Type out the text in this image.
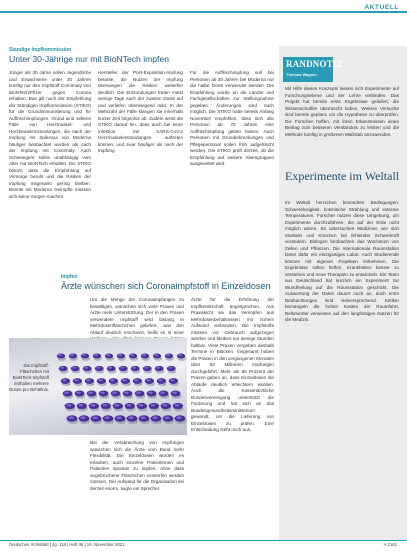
AKTUELL
Standige Impfkommission
Unter 30-Jährige nur mit BioNTech impfen

Jünger als 30 Jahre sollen Jugendliche und Erwachsene unter 30 Jahren künftig nur den Impfstoff Comirnaty von BioNTech/Pfizer gegen Corona erhalten. Das gilt nach der Empfehlung der Ständigen Impfkommission (STIKO) für die Grundimmunisierung und für Auffrischimpfungen. Grund sind seltene Fälle von Herzmuskel- und Herzbeutelentzündungen, die nach der Impfung mit Spikevax von Moderna häufiger beobachtet wurden als nach der Impfung mit Comirnaty. Auch Schwangere sollen unabhängig vom Alter nur BioNTech erhalten. Die STIKO betont, dass die Empfehlung auf Vorsorge beruht und die Risiken der Impfung insgesamt gering bleiben. Bereits mit Moderna Geimpfte müssen sich keine Sorgen machen.

Hersteller der Post-Exposition-Impfung betonte, die Nutzen der Impfung überwiegen die Risiken weiterhin deutlich. Die Entzündungen traten meist wenige Tage nach der zweiten Dosis auf und verliefen überwiegend mild. In der Mehrzahl der Fälle klangen sie innerhalb kurzer Zeit folgenlos ab. Zudem weist die STIKO darauf hin, dass auch bei einer Infektion mit SARS-CoV-2 Herzmuskelentzündungen auftreten können, und zwar häufiger als nach der Impfung.

Für die Auffrischimpfung soll bei Personen ab 30 Jahren bei Moderna nur die halbe Dosis verwendet werden. Die Empfehlung wurde an die Länder und Fachgesellschaften zur Stellungnahme gegeben. Änderungen sind noch möglich. Die STIKO hatte bereits Anfang November empfohlen, dass sich alle Personen ab 70 Jahren eine Auffrischimpfung geben lassen. Auch Personen mit Grunderkrankungen und Pflegepersonal sollen früh aufgefrischt werden. Die STIKO prüft derzeit, ob die Empfehlung auf weitere Altersgruppen ausgeweitet wird.

Impfen
Ärzte wünschen sich Coronaimpfstoff in Einzeldosen

Um die Menge der Coronaimpfungen zu bewältigen, wünschen sich viele Praxen und Ärzte mehr Unterstützung. Der in den Praxen verwendete Impfstoff wird bislang in Mehrdosenfläschchen geliefert, was den Ablauf deutlich erschwert, heißt es in einer

Bei der Verabreichung von Impfungen wünschen sich die Ärzte vom Bund mehr Flexibilität. Die Einzeldosen würden es erlauben, auch einzelne Patientinnen und Patienten spontan zu impfen, ohne dass angebrochene Fläschchen verworfen werden müssen. Der Aufwand für die Organisation sei derzeit enorm, sagte ein Sprecher.

Ärzte für die Erhöhung der Impfbereitschaft angesprochen. Aus Praxissicht sei das Verimpfen aus Mehrdosenbehältnissen mit hohem Aufwand verbunden. Die Impfstoffe müssen vor Gebrauch aufgezogen werden und bleiben nur wenige Stunden haltbar. Viele Praxen vergeben deshalb Termine in Blöcken. Insgesamt haben die Praxen in den vergangenen Monaten über 50 Millionen Impfungen durchgeführt. Mehr als 80 Prozent der Praxen gaben an, dass Einzeldosen die Abläufe deutlich erleichtern würden. Auch die Kassenärztliche Bundesvereinigung unterstützt die Forderung und hat sich an das Bundesgesundheitsministerium gewandt, um die Lieferung von Einzeldosen zu prüfen. Eine Entscheidung steht noch aus.

Die Impfstoff-Fläschchen mit BioNTech-Impfstoff enthalten mehrere Dosen pro Behältnis.
RANDNOTIZ
Thomas Wagner

Mit Hilfe dieses Konzepts lassen sich Experimente auf Forschungsebene und der Lehre verbinden. Das Projekt hat bereits erste Ergebnisse geliefert, die Wissenschaftler überrascht haben. Weitere Versuche sind bereits geplant, um die Hypothese zu überprüfen. Die Forscher hoffen, mit ihren Erkenntnissen einen Beitrag zum besseren Verständnis zu leisten und die Methode künftig in größerem Maßstab anzuwenden.

Experimente im Weltall

Im Weltall herrschen besondere Bedingungen: Schwerelosigkeit, kosmische Strahlung und extreme Temperaturen. Forscher nutzen diese Umgebung, um Experimente durchzuführen, die auf der Erde nicht möglich wären. So untersuchen Mediziner, wie sich Muskeln und Knochen bei fehlender Schwerkraft verändern. Biologen beobachten das Wachstum von Zellen und Pflanzen. Die Internationale Raumstation bietet dafür ein einzigartiges Labor. Auch Studierende können mit eigenen Projekten teilnehmen. Die Ergebnisse sollen helfen, Krankheiten besser zu verstehen und neue Therapien zu entwickeln. Ein Team aus Deutschland hat kürzlich ein Experiment zur Wundheilung auf die Raumstation geschickt. Die Auswertung der Daten dauert noch an, doch erste Beobachtungen sind vielversprechend. Kritiker bemängeln die hohen Kosten der Raumfahrt, Befürworter verweisen auf den langfristigen Nutzen für die Medizin.

Deutsches Ärzteblatt | Jg. 118 | Heft 46 | 19. November 2021	A 2161
